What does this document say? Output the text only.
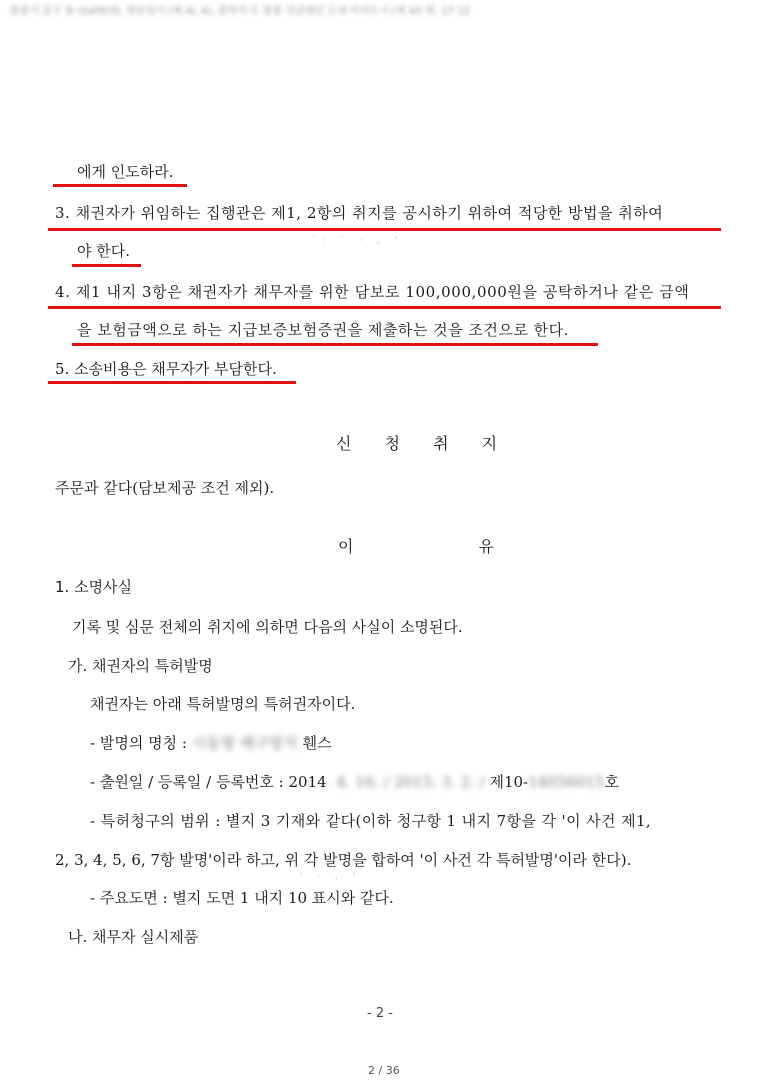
통통기 공구 동 (2xFR)원, 변론일시 (제 XL X), 출력자-도 통통 신금테인 도내 미자도시 (제 XX 회, 17 12
에게 인도하라.
3. 채권자가 위임하는 집행관은 제1, 2항의 취지를 공시하기 위하여 적당한 방법을 취하여
`· ` · , '
야 한다.
4. 제1 내지 3항은 채권자가 채무자를 위한 담보로 100,000,000원을 공탁하거나 같은 금액
을 보험금액으로 하는 지급보증보험증권을 제출하는 것을 조건으로 한다.
5. 소송비용은 채무자가 부담한다.
신 청 취 지
주문과 같다(담보제공 조건 제외).
이 유
1. 소명사실
기록 및 심문 전체의 취지에 의하면 다음의 사실이 소명된다.
가. 채권자의 특허발명
채권자는 아래 특허발명의 특허권자이다.
- 발명의 명칭 : 시동형 배구방지 휀스
- 출원일 / 등록일 / 등록번호 : 2014. 4. 16. / 2015. 3. 2. / 제10-14056015호
- 특허청구의 범위 : 별지 3 기재와 같다(이하 청구항 1 내지 7항을 각 '이 사건 제1,
2, 3, 4, 5, 6, 7항 발명'이라 하고, 위 각 발명을 합하여 '이 사건 각 특허발명'이라 한다).
' · , '
- 주요도면 : 별지 도면 1 내지 10 표시와 같다.
나. 채무자 실시제품
- 2 -
2 / 36
